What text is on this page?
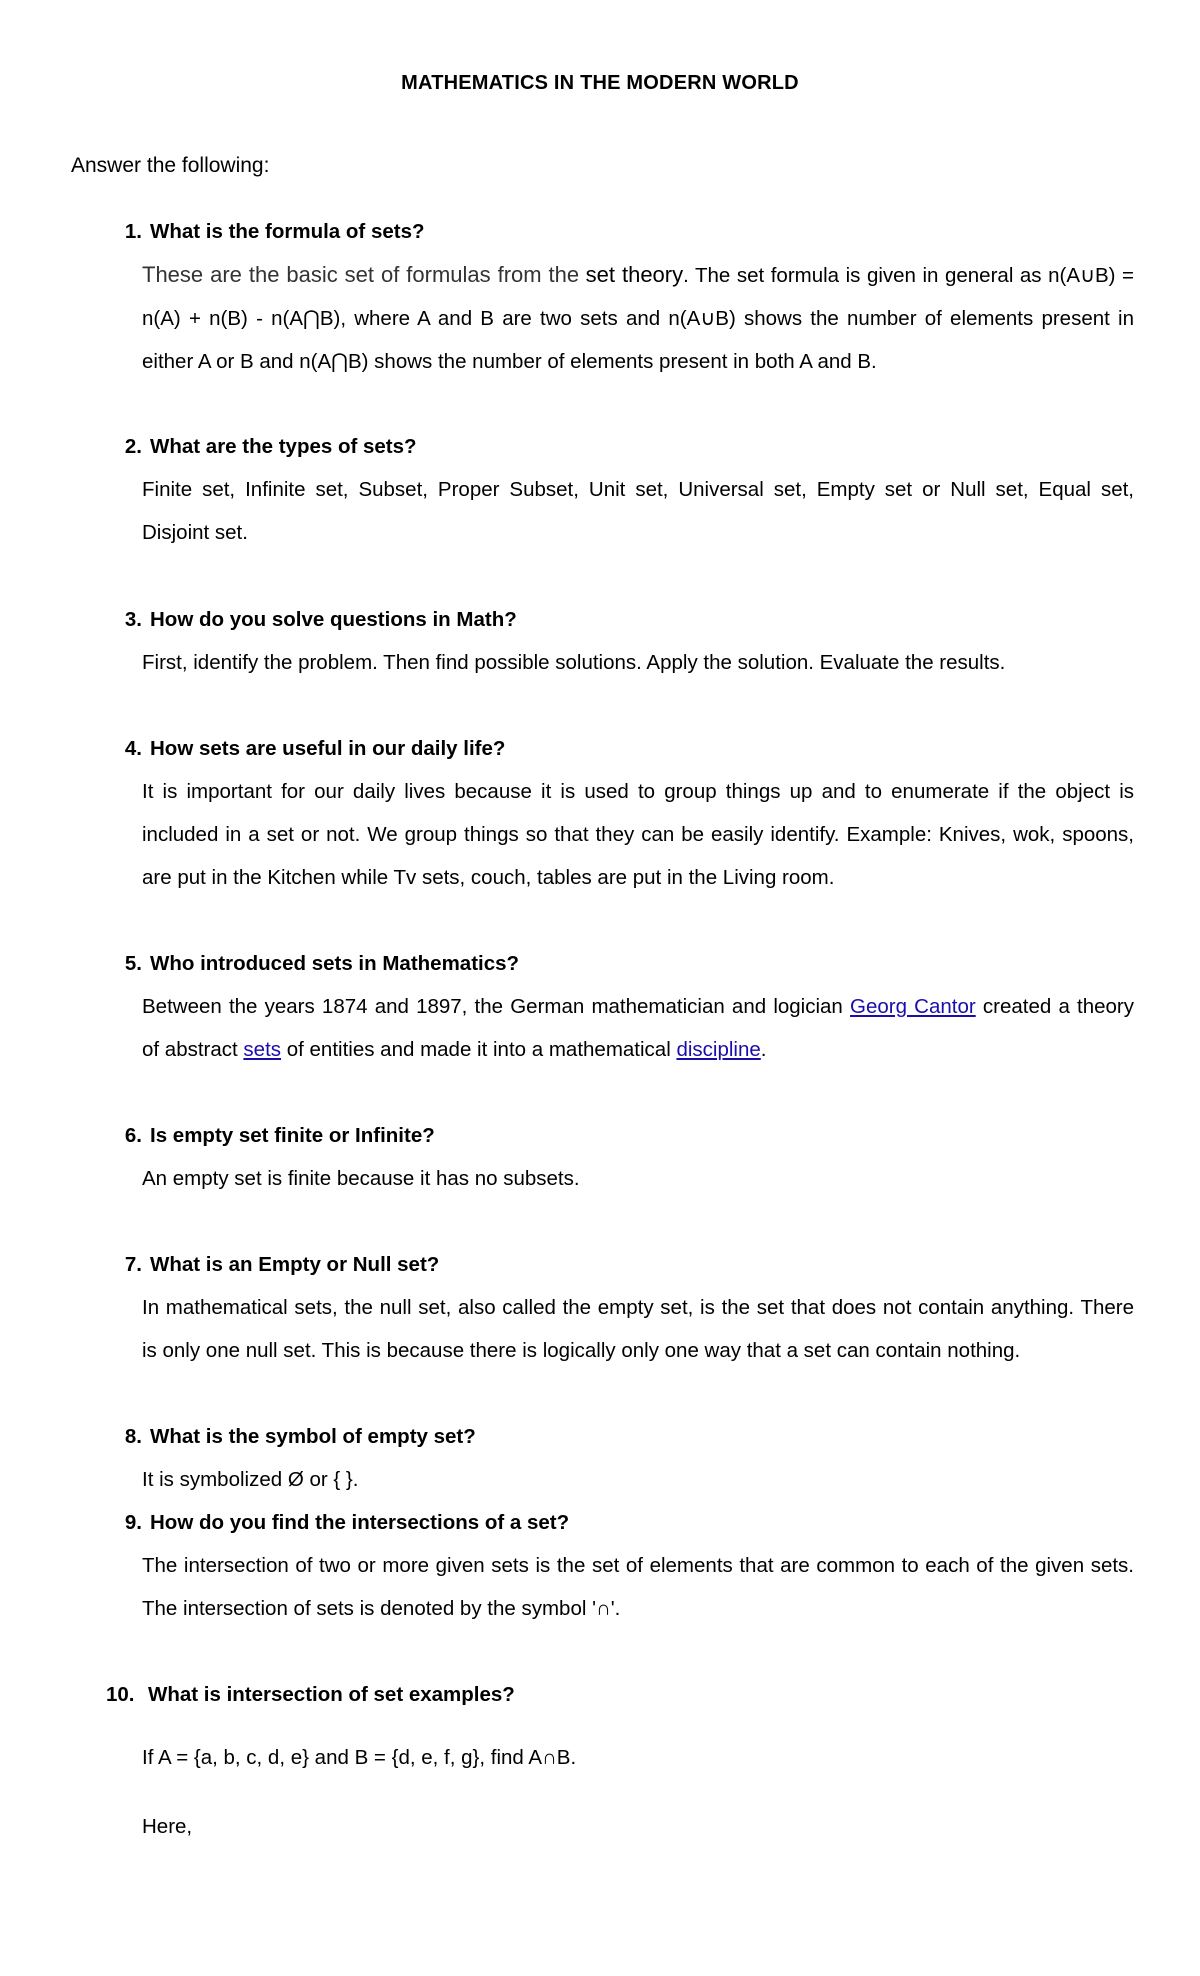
MATHEMATICS IN THE MODERN WORLD
Answer the following:
1. What is the formula of sets?
These are the basic set of formulas from the set theory. The set formula is given in general as n(A∪B) = n(A) + n(B) - n(A⋂B), where A and B are two sets and n(A∪B) shows the number of elements present in either A or B and n(A⋂B) shows the number of elements present in both A and B.
2. What are the types of sets?
Finite set, Infinite set, Subset, Proper Subset, Unit set, Universal set, Empty set or Null set, Equal set, Disjoint set.
3. How do you solve questions in Math?
First, identify the problem. Then find possible solutions. Apply the solution. Evaluate the results.
4. How sets are useful in our daily life?
It is important for our daily lives because it is used to group things up and to enumerate if the object is included in a set or not. We group things so that they can be easily identify. Example: Knives, wok, spoons, are put in the Kitchen while Tv sets, couch, tables are put in the Living room.
5. Who introduced sets in Mathematics?
Between the years 1874 and 1897, the German mathematician and logician Georg Cantor created a theory of abstract sets of entities and made it into a mathematical discipline.
6. Is empty set finite or Infinite?
An empty set is finite because it has no subsets.
7. What is an Empty or Null set?
In mathematical sets, the null set, also called the empty set, is the set that does not contain anything. There is only one null set. This is because there is logically only one way that a set can contain nothing.
8. What is the symbol of empty set?
It is symbolized Ø or { }.
9. How do you find the intersections of a set?
The intersection of two or more given sets is the set of elements that are common to each of the given sets. The intersection of sets is denoted by the symbol '∩'.
10. What is intersection of set examples?
If A = {a, b, c, d, e} and B = {d, e, f, g}, find A∩B.
Here,
